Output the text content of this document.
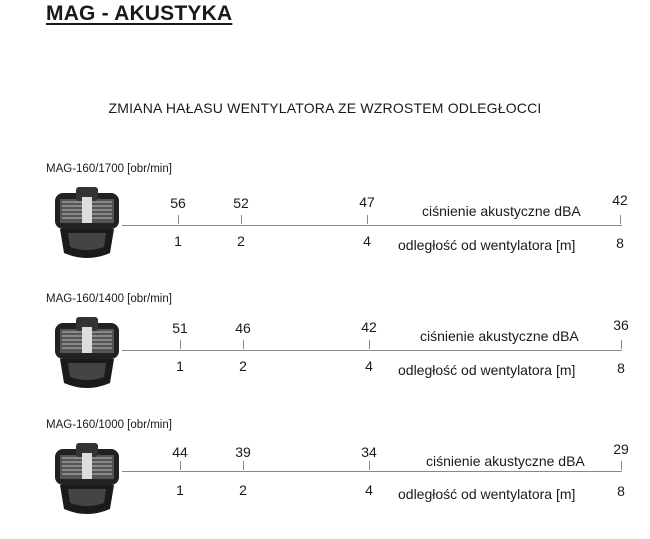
MAG - AKUSTYKA
ZMIANA HAŁASU WENTYLATORA ZE WZROSTEM ODLEGŁOCCI
MAG-160/1700 [obr/min]
56	52	47	42
1	2	4	8
ciśnienie akustyczne dBA
odległość od wentylatora [m]
MAG-160/1400 [obr/min]
51	46	42	36
1	2	4	8
ciśnienie akustyczne dBA
odległość od wentylatora [m]
MAG-160/1000 [obr/min]
44	39	34	29
1	2	4	8
ciśnienie akustyczne dBA
odległość od wentylatora [m]
